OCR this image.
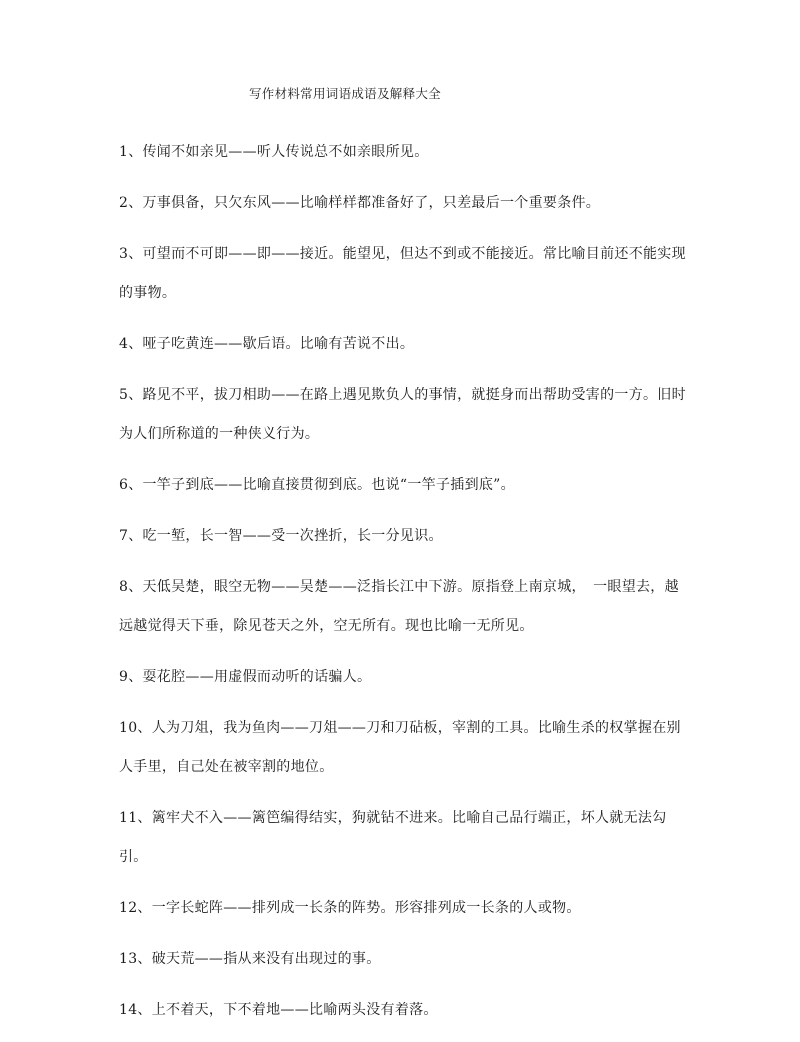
写作材料常用词语成语及解释大全
1、传闻不如亲见——听人传说总不如亲眼所见。
2、万事俱备，只欠东风——比喻样样都准备好了，只差最后一个重要条件。
3、可望而不可即——即——接近。能望见，但达不到或不能接近。常比喻目前还不能实现的事物。
4、哑子吃黄连——歇后语。比喻有苦说不出。
5、路见不平，拔刀相助——在路上遇见欺负人的事情，就挺身而出帮助受害的一方。旧时为人们所称道的一种侠义行为。
6、一竿子到底——比喻直接贯彻到底。也说“一竿子插到底”。
7、吃一堑，长一智——受一次挫折，长一分见识。
8、天低吴楚，眼空无物——吴楚——泛指长江中下游。原指登上南京城，　一眼望去，越远越觉得天下垂，除见苍天之外，空无所有。现也比喻一无所见。
9、耍花腔——用虚假而动听的话骗人。
10、人为刀俎，我为鱼肉——刀俎——刀和刀砧板，宰割的工具。比喻生杀的权掌握在别人手里，自己处在被宰割的地位。
11、篱牢犬不入——篱笆编得结实，狗就钻不进来。比喻自己品行端正，坏人就无法勾引。
12、一字长蛇阵——排列成一长条的阵势。形容排列成一长条的人或物。
13、破天荒——指从来没有出现过的事。
14、上不着天，下不着地——比喻两头没有着落。
